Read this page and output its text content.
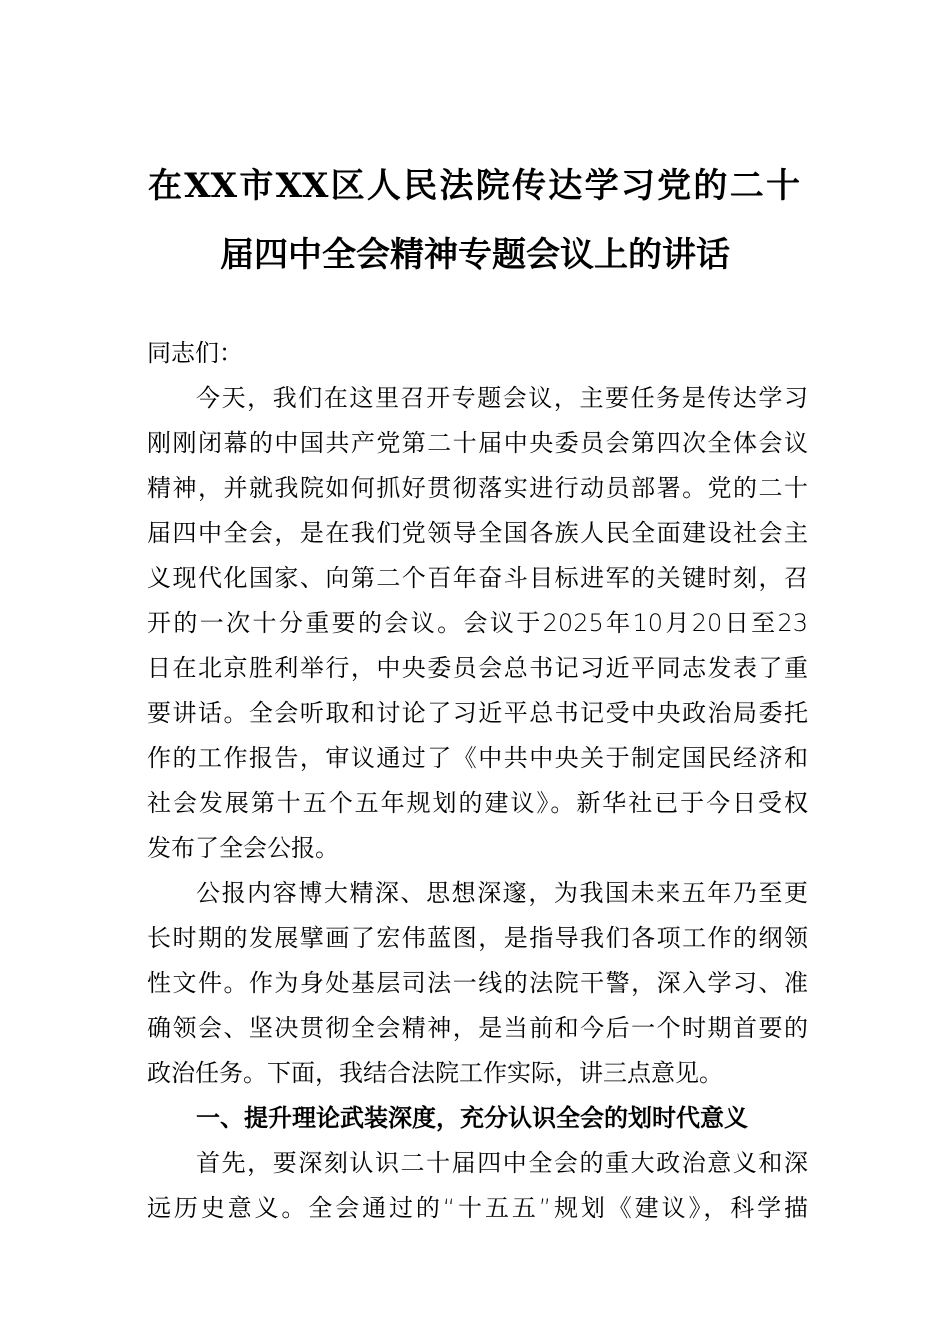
在XX市XX区人民法院传达学习党的二十
届四中全会精神专题会议上的讲话
同志们：
今天，我们在这里召开专题会议，主要任务是传达学习
刚刚闭幕的中国共产党第二十届中央委员会第四次全体会议
精神，并就我院如何抓好贯彻落实进行动员部署。党的二十
届四中全会，是在我们党领导全国各族人民全面建设社会主
义现代化国家、向第二个百年奋斗目标进军的关键时刻，召
开的一次十分重要的会议。会议于2025年10月20日至23
日在北京胜利举行，中央委员会总书记习近平同志发表了重
要讲话。全会听取和讨论了习近平总书记受中央政治局委托
作的工作报告，审议通过了《中共中央关于制定国民经济和
社会发展第十五个五年规划的建议》。新华社已于今日受权
发布了全会公报。
公报内容博大精深、思想深邃，为我国未来五年乃至更
长时期的发展擘画了宏伟蓝图，是指导我们各项工作的纲领
性文件。作为身处基层司法一线的法院干警，深入学习、准
确领会、坚决贯彻全会精神，是当前和今后一个时期首要的
政治任务。下面，我结合法院工作实际，讲三点意见。
一、提升理论武装深度，充分认识全会的划时代意义
首先，要深刻认识二十届四中全会的重大政治意义和深
远历史意义。全会通过的“十五五”规划《建议》，科学描
